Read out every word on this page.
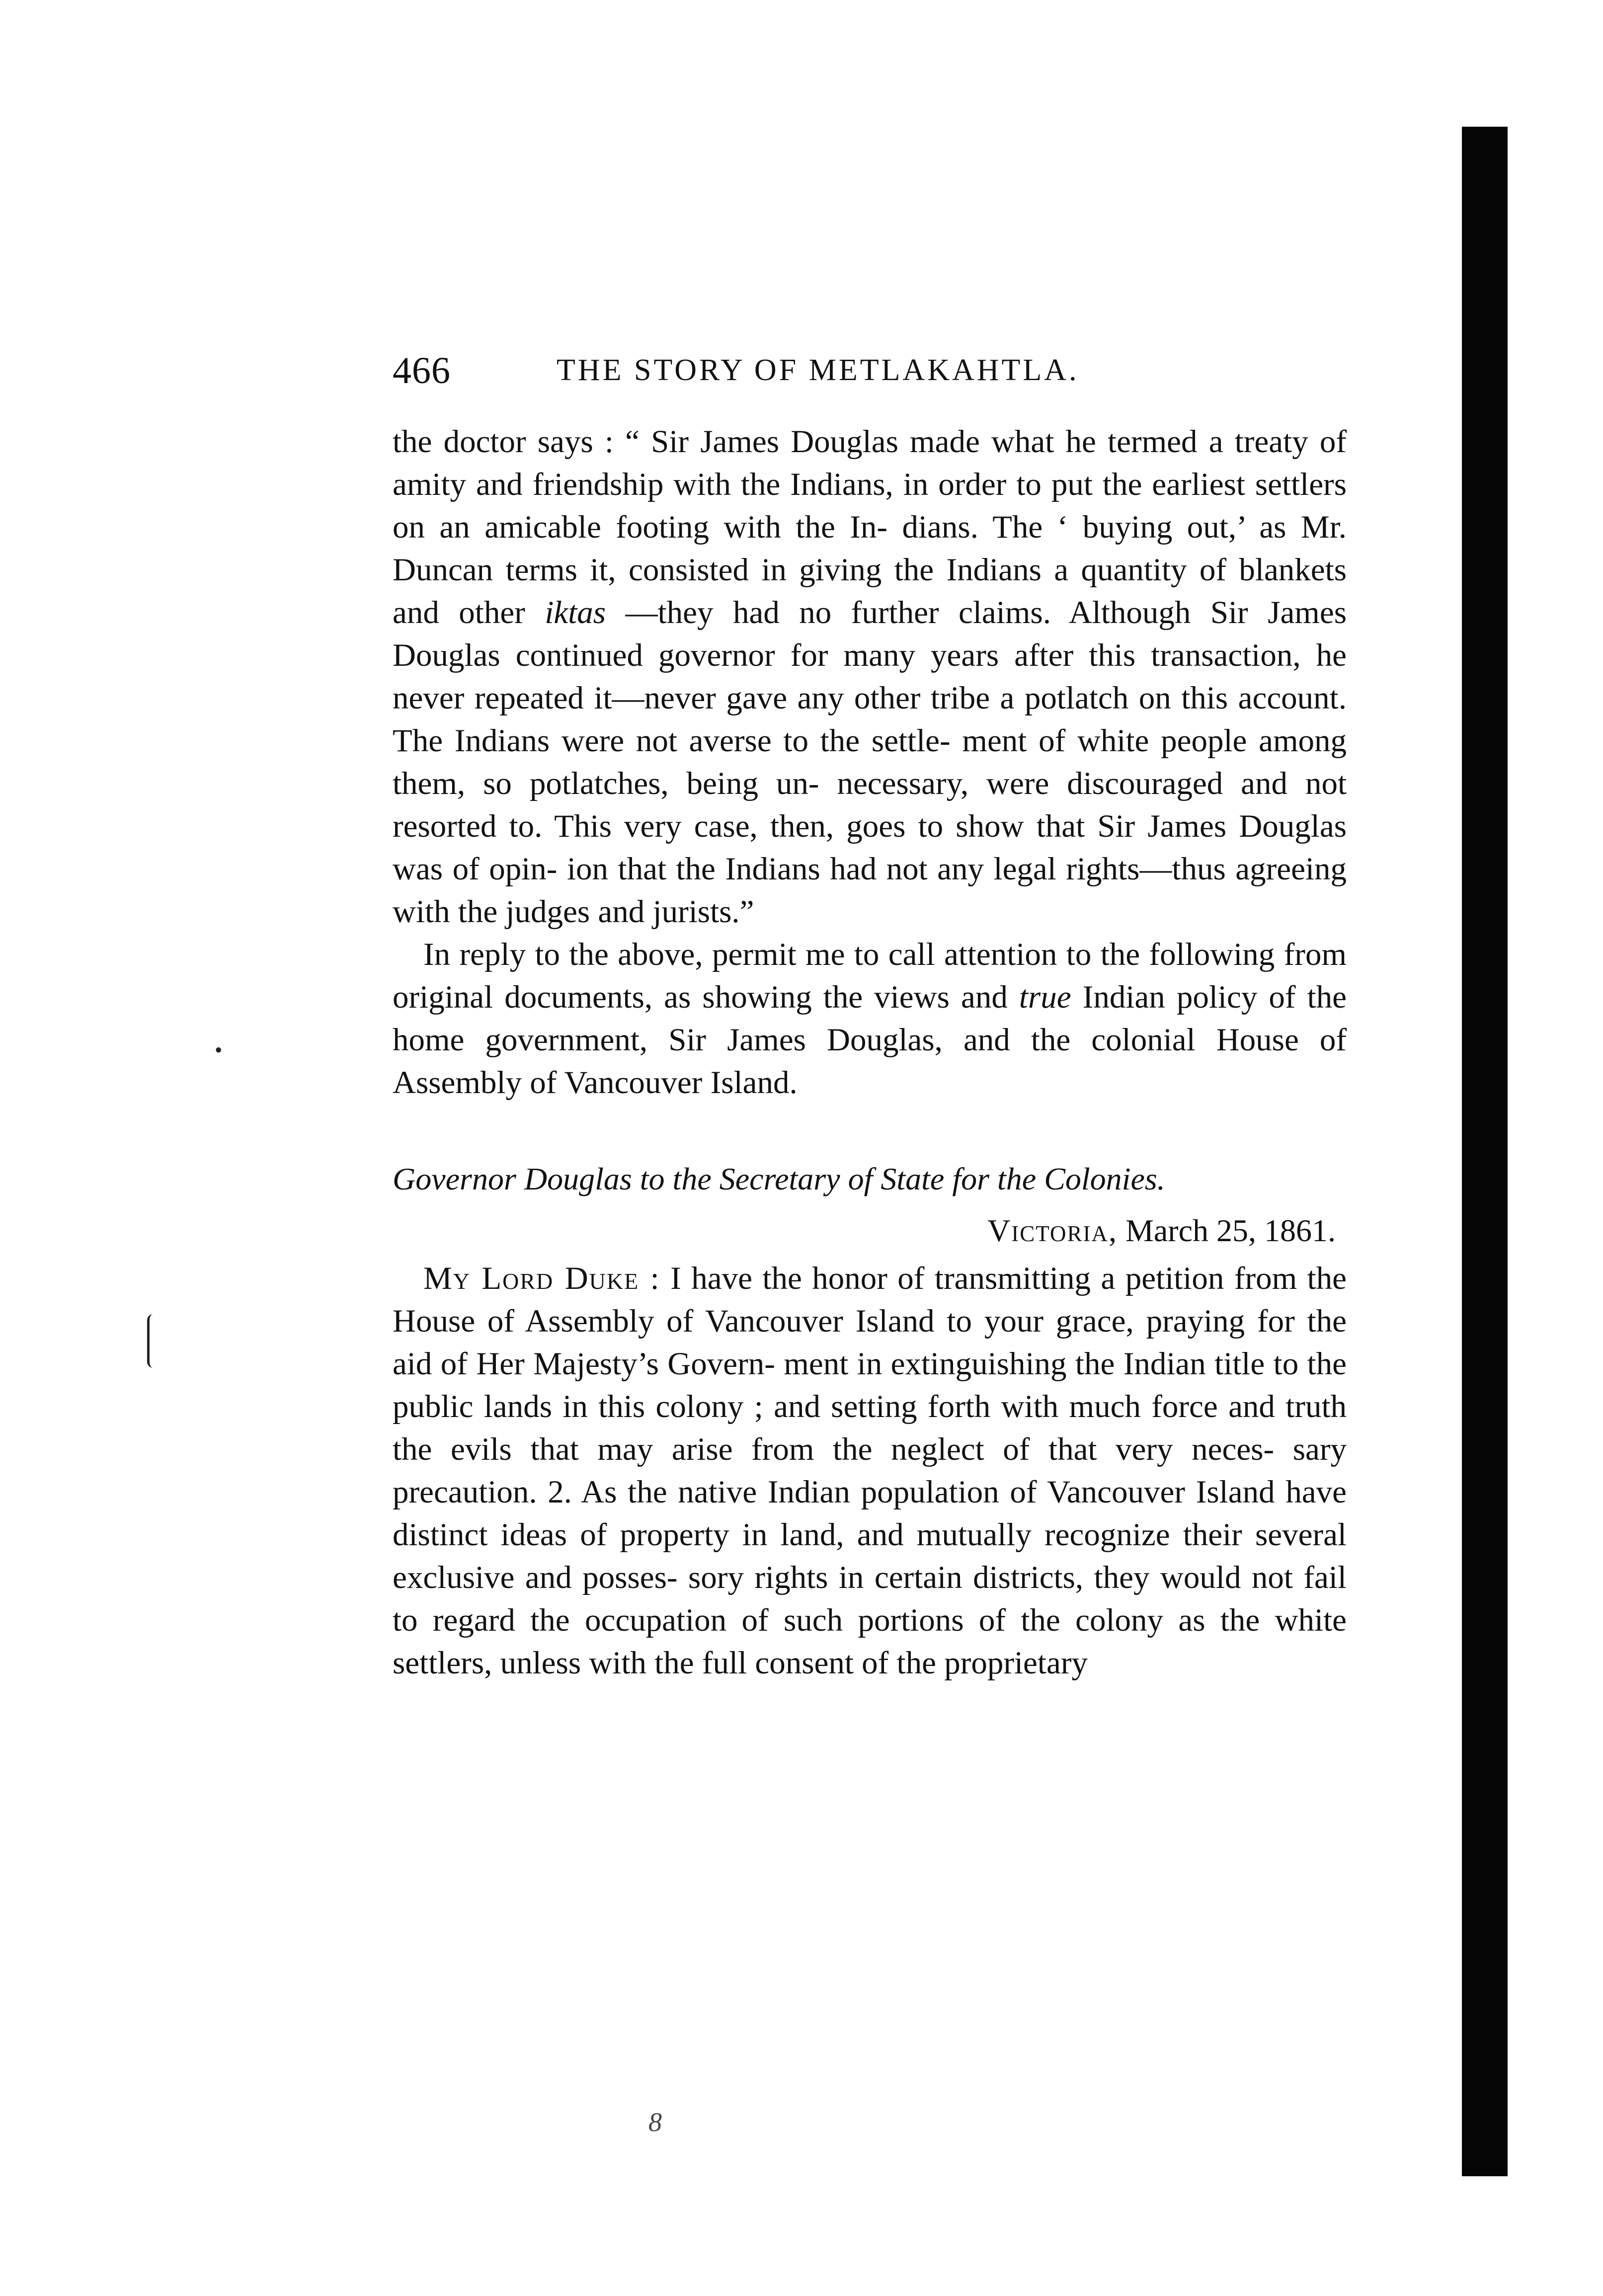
•
466	THE STORY OF METLAKAHTLA.

the doctor says : “ Sir James Douglas made what he termed a treaty of amity and friendship with the Indians, in order to put the earliest settlers on an amicable footing with the In- dians. The ‘ buying out,’ as Mr. Duncan terms it, consisted in giving the Indians a quantity of blankets and other iktas —they had no further claims. Although Sir James Douglas continued governor for many years after this transaction, he never repeated it—never gave any other tribe a potlatch on this account. The Indians were not averse to the settle- ment of white people among them, so potlatches, being un- necessary, were discouraged and not resorted to. This very case, then, goes to show that Sir James Douglas was of opin- ion that the Indians had not any legal rights—thus agreeing with the judges and jurists.”

In reply to the above, permit me to call attention to the following from original documents, as showing the views and true Indian policy of the home government, Sir James Douglas, and the colonial House of Assembly of Vancouver Island.

Governor Douglas to the Secretary of State for the Colonies.
Victoria, March 25, 1861.

My Lord Duke : I have the honor of transmitting a petition from the House of Assembly of Vancouver Island to your grace, praying for the aid of Her Majesty’s Govern- ment in extinguishing the Indian title to the public lands in this colony ; and setting forth with much force and truth the evils that may arise from the neglect of that very neces- sary precaution. 2. As the native Indian population of Vancouver Island have distinct ideas of property in land, and mutually recognize their several exclusive and posses- sory rights in certain districts, they would not fail to regard the occupation of such portions of the colony as the white settlers, unless with the full consent of the proprietary

8
